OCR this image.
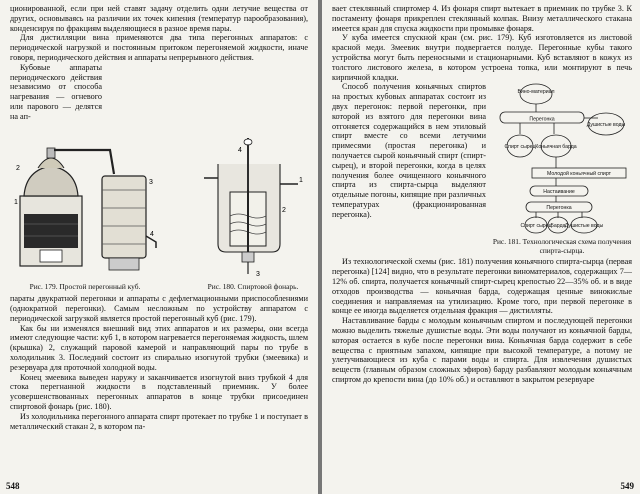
ционированной, если при ней ставят задачу отделить одни летучие вещества от других, основываясь на различии их точек кипения (температур парообразования), конденсируя по фракциям выделяющиеся в разное время пары.

Для дистилляции вина применяются два типа перегонных аппаратов: с периодической нагрузкой и постоянным притоком перегоняемой жидкости, иначе говоря, периодического действия и аппараты непрерывного действия.

Кубовые аппараты периодического действия независимо от способа нагревания — огневого или парового — делятся на ап-

2
1
3
4
Рис. 179. Простой перегонный куб.
4
1
2
3
Рис. 180. Спиртовой фонарь.

параты двукратной перегонки и аппараты с дефлегмационными приспособлениями (однократной перегонки). Самым несложным по устройству аппаратом с периодической загрузкой является простой перегонный куб (рис. 179).

Как бы ни изменялся внешний вид этих аппаратов и их размеры, они всегда имеют следующие части: куб 1, в котором нагревается перегоняемая жидкость, шлем (крышка) 2, служащий паровой камерой и направляющий пары по трубе в холодильник 3. Последний состоит из спирально изогнутой трубки (змеевика) и резервуара для проточной холодной воды.

Конец змеевика выведен наружу и заканчивается изогнутой вниз трубкой 4 для стока перегнанной жидкости в подставленный приемник. У более усовершенствованных перегонных аппаратов в конце трубки присоединен спиртовой фонарь (рис. 180).

Из холодильника перегонного аппарата спирт протекает по трубке 1 и поступает в металлический стакан 2, в котором па-

548

вает стеклянный спиртомер 4. Из фонаря спирт вытекает в приемник по трубке 3. К постаменту фонаря прикреплен стеклянный колпак. Внизу металлического стакана имеется кран для спуска жидкости при промывке фонаря.

У куба имеется спускной кран (см. рис. 179). Куб изготовляется из листовой красной меди. Змеевик внутри подвергается полуде. Перегонные кубы такого устройства могут быть переносными и стационарными. Куб вставляют в кожух из толстого листового железа, в котором устроена топка, или монтируют в печь кирпичной кладки.

Вино-материал
Перегонка
Спирт сырец Коньячная барда
Душистые воды
Молодой коньячный спирт
Настаивание
Перегонка
Спирт сырец
Барда Душистые воды
Рис. 181. Технологическая схема получения спирта-сырца.

Способ получения коньячных спиртов на простых кубовых аппаратах состоит из двух перегонок: первой перегонки, при которой из взятого для перегонки вина отгоняется содержащийся в нем этиловый спирт вместе со всеми летучими примесями (простая перегонка) и получается сырой коньячный спирт (спирт-сырец), и второй перегонки, когда в целях получения более очищенного коньячного спирта из спирта-сырца выделяют отдельные погоны, кипящие при различных температурах (фракционированная перегонка).

Из технологической схемы (рис. 181) получения коньячного спирта-сырца (первая перегонка) [124] видно, что в результате перегонки виноматериалов, содержащих 7—12% об. спирта, получается коньячный спирт-сырец крепостью 22—35% об. и в виде отходов производства — коньячная барда, содержащая ценные винокислые соединения и направляемая на утилизацию. Кроме того, при первой перегонке в конце ее иногда выделяется отдельная фракция — дистилляты.

Наставливание барды с молодым коньячным спиртом и последующей перегонки можно выделить тяжелые душистые воды. Эти воды получают из коньячной барды, которая остается в кубе после перегонки вина. Коньячная барда содержит в себе вещества с приятным запахом, кипящие при высокой температуре, а потому не улетучивающиеся из куба с парами воды и спирта. Для извлечения душистых веществ (главным образом сложных эфиров) барду разбавляют молодым коньячным спиртом до крепости вина (до 10% об.) и оставляют в закрытом резервуаре

549
